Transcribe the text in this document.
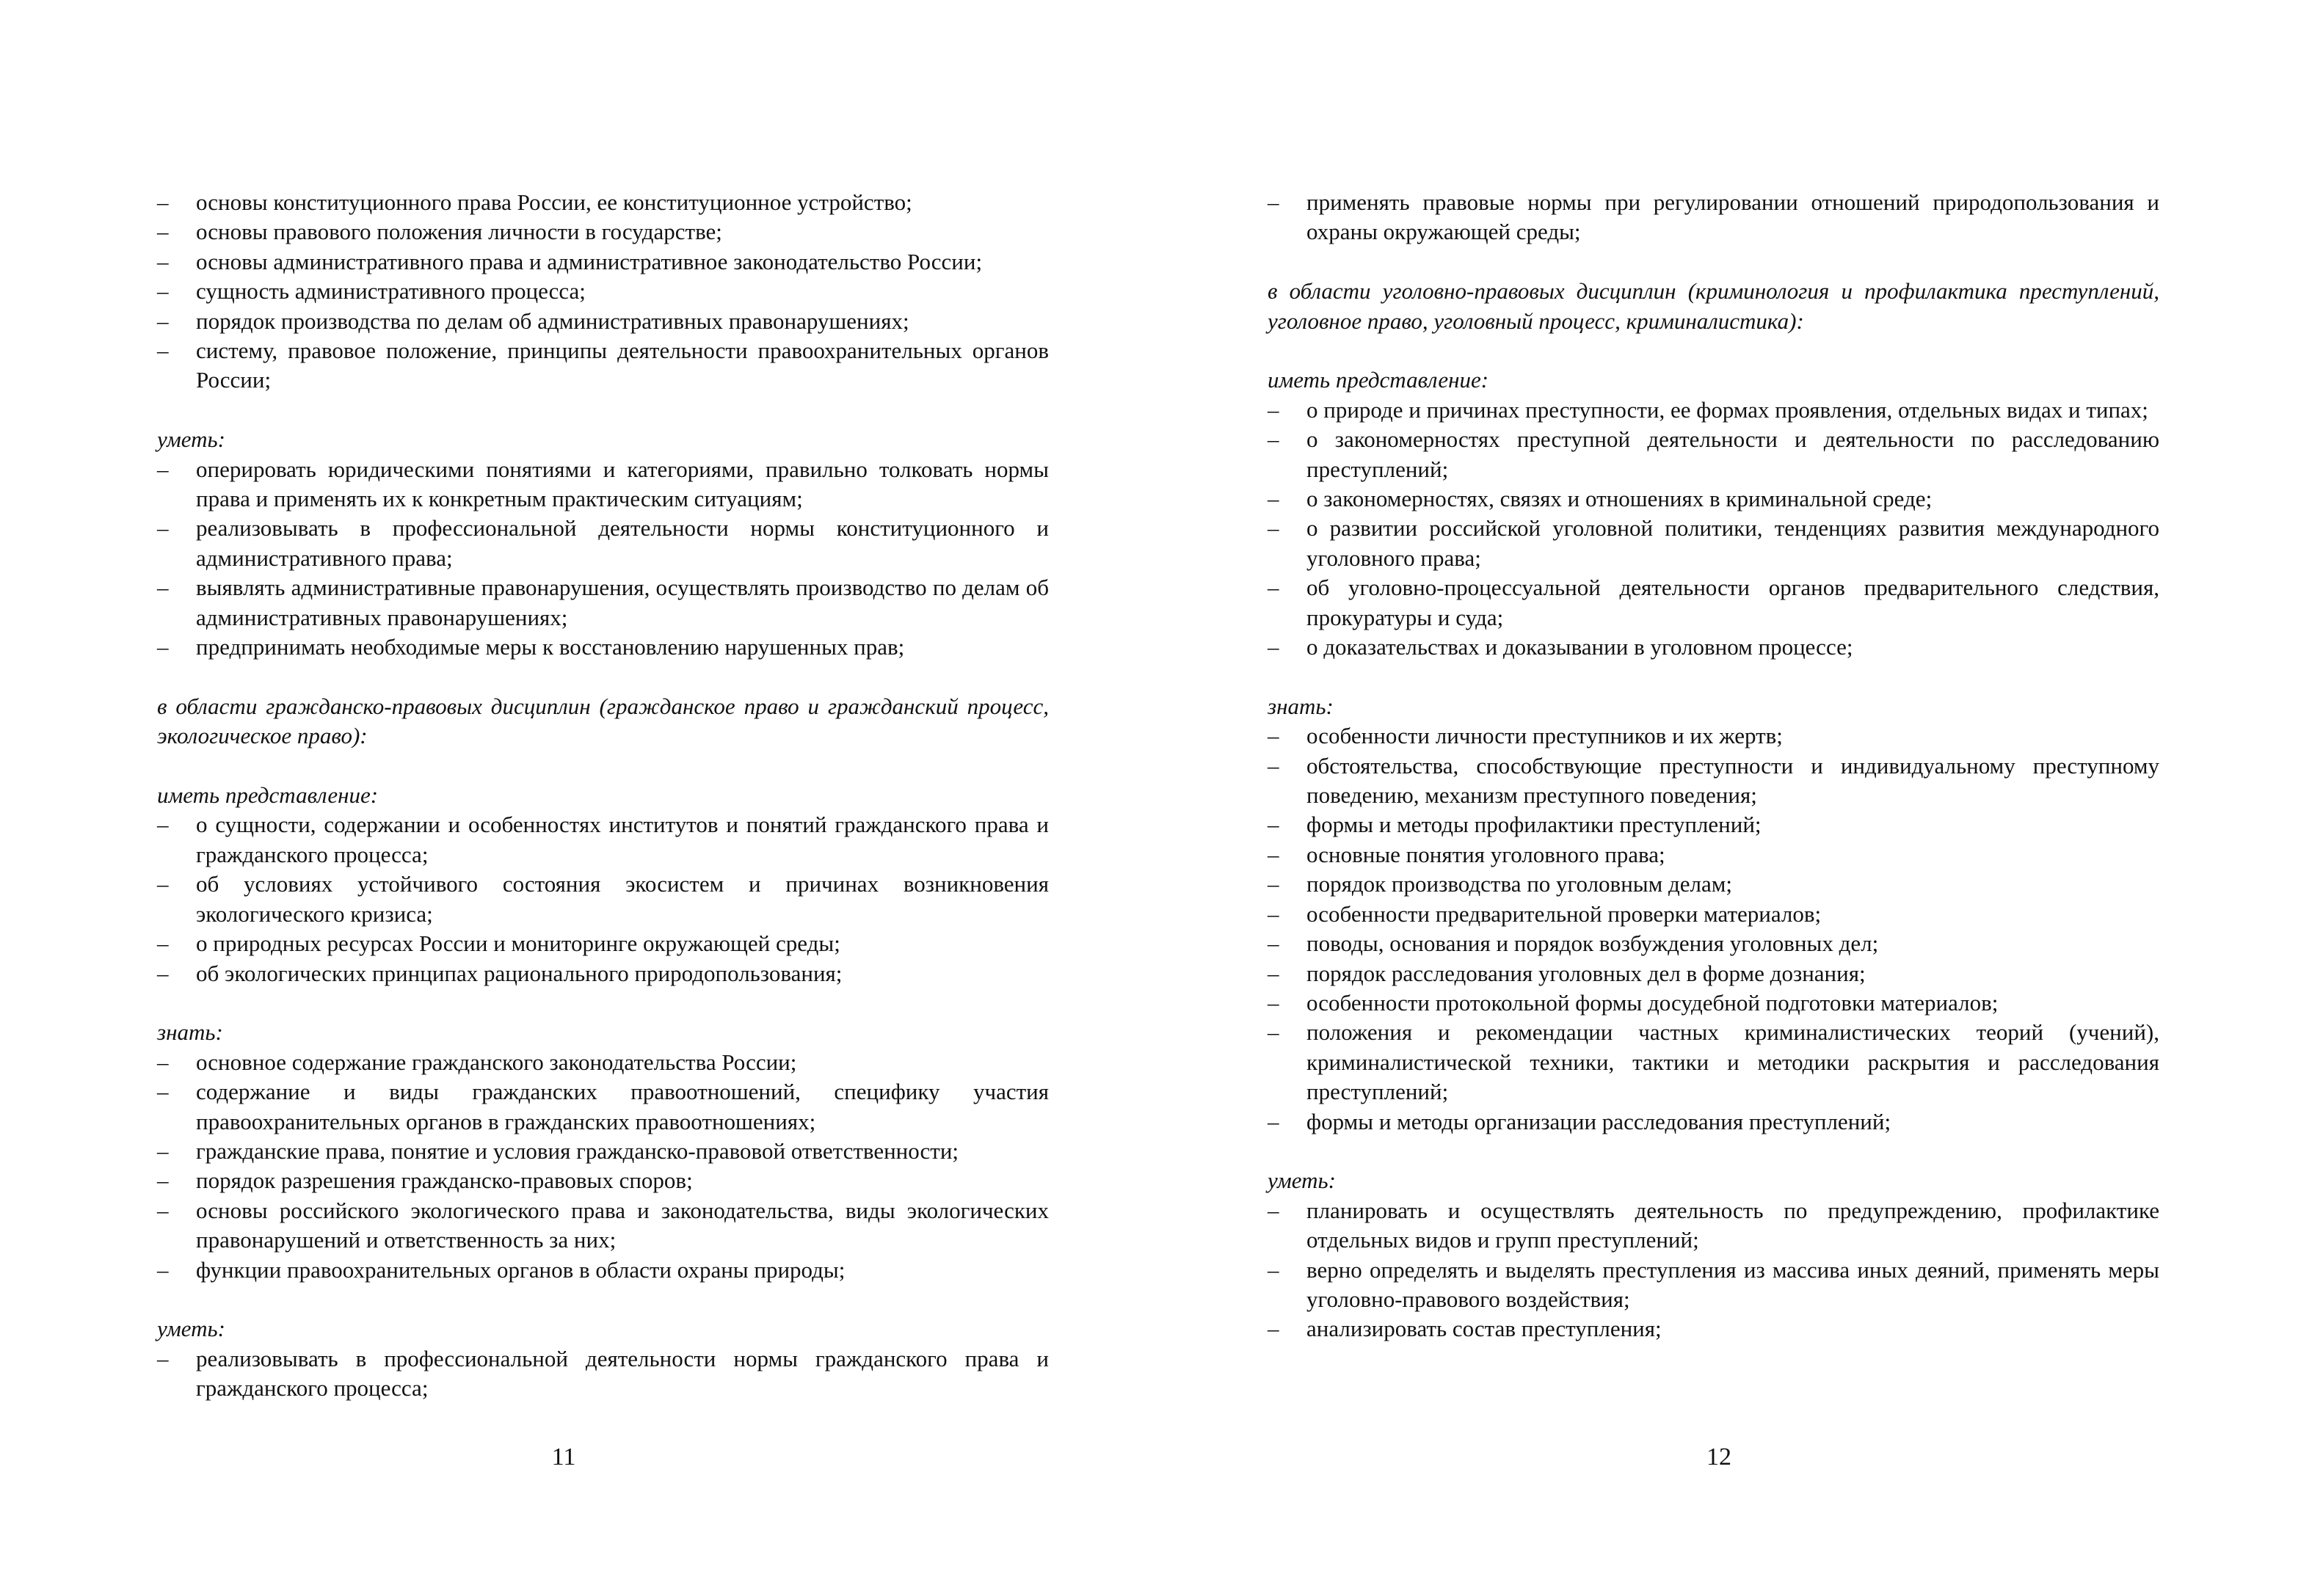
– основы конституционного права России, ее конституционное устройство;
– основы правового положения личности в государстве;
– основы административного права и административное законодательство России;
– сущность административного процесса;
– порядок производства по делам об административных правонарушениях;
– систему, правовое положение, принципы деятельности правоохранительных органов России;

уметь:

– оперировать юридическими понятиями и категориями, правильно толковать нормы права и применять их к конкретным практическим ситуациям;
– реализовывать в профессиональной деятельности нормы конституционного и административного права;
– выявлять административные правонарушения, осуществлять производство по делам об административных правонарушениях;
– предпринимать необходимые меры к восстановлению нарушенных прав;

в области гражданско-правовых дисциплин (гражданское право и гражданский процесс, экологическое право):

иметь представление:

– о сущности, содержании и особенностях институтов и понятий гражданского права и гражданского процесса;
– об условиях устойчивого состояния экосистем и причинах возникновения экологического кризиса;
– о природных ресурсах России и мониторинге окружающей среды;
– об экологических принципах рационального природопользования;

знать:

– основное содержание гражданского законодательства России;
– содержание и виды гражданских правоотношений, специфику участия правоохранительных органов в гражданских правоотношениях;
– гражданские права, понятие и условия гражданско-правовой ответственности;
– порядок разрешения гражданско-правовых споров;
– основы российского экологического права и законодательства, виды экологических правонарушений и ответственность за них;
– функции правоохранительных органов в области охраны природы;

уметь:

– реализовывать в профессиональной деятельности нормы гражданского права и гражданского процесса;
11
– применять правовые нормы при регулировании отношений природопользования и охраны окружающей среды;

в области уголовно-правовых дисциплин (криминология и профилактика преступлений, уголовное право, уголовный процесс, криминалистика):

иметь представление:

– о природе и причинах преступности, ее формах проявления, отдельных видах и типах;
– о закономерностях преступной деятельности и деятельности по расследованию преступлений;
– о закономерностях, связях и отношениях в криминальной среде;
– о развитии российской уголовной политики, тенденциях развития международного уголовного права;
– об уголовно-процессуальной деятельности органов предварительного следствия, прокуратуры и суда;
– о доказательствах и доказывании в уголовном процессе;

знать:

– особенности личности преступников и их жертв;
– обстоятельства, способствующие преступности и индивидуальному преступному поведению, механизм преступного поведения;
– формы и методы профилактики преступлений;
– основные понятия уголовного права;
– порядок производства по уголовным делам;
– особенности предварительной проверки материалов;
– поводы, основания и порядок возбуждения уголовных дел;
– порядок расследования уголовных дел в форме дознания;
– особенности протокольной формы досудебной подготовки материалов;
– положения и рекомендации частных криминалистических теорий (учений), криминалистической техники, тактики и методики раскрытия и расследования преступлений;
– формы и методы организации расследования преступлений;

уметь:

– планировать и осуществлять деятельность по предупреждению, профилактике отдельных видов и групп преступлений;
– верно определять и выделять преступления из массива иных деяний, применять меры уголовно-правового воздействия;
– анализировать состав преступления;
12
